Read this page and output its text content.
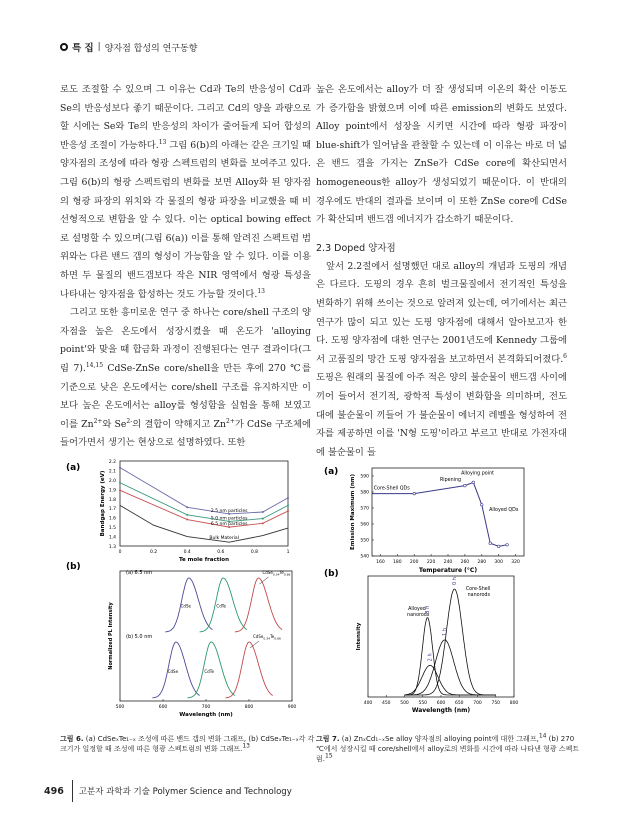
특 집 | 양자점 합성의 연구동향

로도 조절할 수 있으며 그 이유는 Cd과 Te의 반응성이 Cd과 Se의 반응성보다 좋기 때문이다. 그리고 Cd의 양을 과량으로 할 시에는 Se와 Te의 반응성의 차이가 줄어들게 되어 합성의 반응성 조절이 가능하다.$^{13}$ 그림 6(b)의 아래는 같은 크기일 때 양자점의 조성에 따라 형광 스펙트럼의 변화를 보여주고 있다. 그림 6(b)의 형광 스펙트럼의 변화를 보면 Alloy화 된 양자점의 형광 파장의 위치와 각 물질의 형광 파장을 비교했을 때 비선형적으로 변함을 알 수 있다. 이는 optical bowing effect로 설명할 수 있으며(그림 6(a)) 이를 통해 알려진 스펙트럼 범위와는 다른 밴드 갭의 형성이 가능함을 알 수 있다. 이를 이용하면 두 물질의 밴드갭보다 작은 NIR 영역에서 형광 특성을 나타내는 양자점을 합성하는 것도 가능할 것이다.$^{13}$

그리고 또한 흥미로운 연구 중 하나는 core/shell 구조의 양자점을 높은 온도에서 성장시켰을 때 온도가 'alloying point'와 맞을 때 합금화 과정이 진행된다는 연구 결과이다(그림 7).$^{14,15}$ CdSe-ZnSe core/shell을 만든 후에 270 ℃를 기준으로 낮은 온도에서는 core/shell 구조를 유지하지만 이보다 높은 온도에서는 alloy를 형성함을 실험을 통해 보였고 이를 $Zn^{2+}$와 $Se^{2-}$의 결합이 약해지고 $Zn^{2+}$가 CdSe 구조체에 들어가면서 생기는 현상으로 설명하였다. 또한

높은 온도에서는 alloy가 더 잘 생성되며 이온의 확산 이동도가 증가함을 밝혔으며 이에 따른 emission의 변화도 보였다. Alloy point에서 성장을 시키면 시간에 따라 형광 파장이 blue-shift가 일어남을 관찰할 수 있는데 이 이유는 바로 더 넓은 밴드 갭을 가지는 ZnSe가 CdSe core에 확산되면서 homogeneous한 alloy가 생성되었기 때문이다. 이 반대의 경우에도 반대의 결과를 보이며 이 또한 ZnSe core에 CdSe가 확산되며 밴드갭 에너지가 감소하기 때문이다.

2.3 Doped 양자점

앞서 2.2절에서 설명했던 대로 alloy의 개념과 도핑의 개념은 다르다. 도핑의 경우 흔히 벌크물질에서 전기적인 특성을 변화하기 위해 쓰이는 것으로 알려져 있는데, 여기에서는 최근 연구가 많이 되고 있는 도핑 양자점에 대해서 알아보고자 한다. 도핑 양자점에 대한 연구는 2001년도에 Kennedy 그룹에서 고품질의 망간 도핑 양자점을 보고하면서 본격화되어졌다.$^6$ 도핑은 원래의 물질에 아주 적은 양의 불순물이 밴드갭 사이에 끼어 들어서 전기적, 광학적 특성이 변화함을 의미하며, 전도대에 불순물이 끼들어 가 불순물이 에너지 레벨을 형성하여 전자를 제공하면 이를 'N형 도핑'이라고 부르고 반대로 가전자대에 불순물이 들

(a)
(b)
1.3
1.4
1.5
1.6
1.7
1.8
1.9
2.0
2.1
2.2
0	0.2	0.4	0.6	0.8	1
Te mole fraction
Bandgap Energy (eV)	2.5 nm particles
5.0 nm particles
6.5 nm particles
Bulk Material
500	600	700	800	900
Wavelength (nm)
Normalized PL Intensity
(a) 6.5 nm
CdSe	CdTe
$CdSe_{0.34}Te_{0.66}$
(b) 5.0 nm
CdSe	CdTe
$CdSe_{0.34}Te_{0.66}$
그림 6. (a) CdSeₓTe₁₋ₓ 조성에 따른 밴드 갭의 변화 그래프, (b) CdSeₓTe₁₋ₓ각 각 크기가 일정할 때 조성에 따른 형광 스펙트럼의 변화 그래프.$^{13}$
(a)
(b)
540
550
560
570
580
590
160 180 200 220 240 260 280 300 320
Temperature (°C)
Emission Maximum (nm)	Core-Shell QDs
Ripening
Alloying point
Alloyed QDs
400 450 500 550 600 650 700 750 800
Wavelength (nm)
Intensity
0 h
1 h
2 h
3 h
Core-Shell
nanorods
Alloyed
nanorods
그림 7. (a) ZnₓCd₁₋ₓSe alloy 양자점의 alloying point에 대한 그래프,$^{14}$ (b) 270 ℃에서 성장시킬 때 core/shell에서 alloy로의 변화를 시간에 따라 나타낸 형광 스펙트럼.$^{15}$
496 고분자 과학과 기술 Polymer Science and Technology
